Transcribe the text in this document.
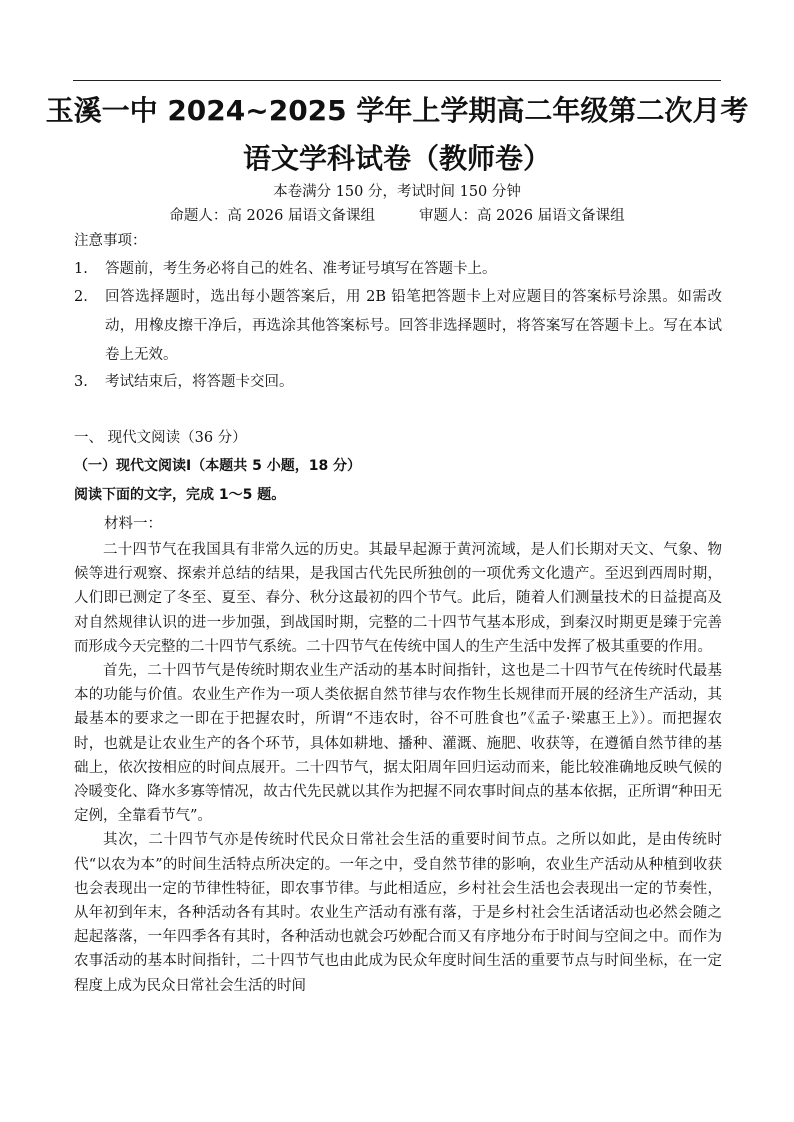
玉溪一中 2024~2025 学年上学期高二年级第二次月考
语文学科试卷（教师卷）
本卷满分 150 分，考试时间 150 分钟
命题人：高 2026 届语文备课组	审题人：高 2026 届语文备课组
注意事项：
1. 答题前，考生务必将自己的姓名、准考证号填写在答题卡上。
2. 回答选择题时，选出每小题答案后，用 2B 铅笔把答题卡上对应题目的答案标号涂黑。如需改动，用橡皮擦干净后，再选涂其他答案标号。回答非选择题时，将答案写在答题卡上。写在本试卷上无效。
3. 考试结束后，将答题卡交回。
一、 现代文阅读（36 分）
（一）现代文阅读Ⅰ（本题共 5 小题，18 分）
阅读下面的文字，完成 1～5 题。
材料一：

二十四节气在我国具有非常久远的历史。其最早起源于黄河流域，是人们长期对天文、气象、物候等进行观察、探索并总结的结果，是我国古代先民所独创的一项优秀文化遗产。至迟到西周时期，人们即已测定了冬至、夏至、春分、秋分这最初的四个节气。此后，随着人们测量技术的日益提高及对自然规律认识的进一步加强，到战国时期，完整的二十四节气基本形成，到秦汉时期更是臻于完善而形成今天完整的二十四节气系统。二十四节气在传统中国人的生产生活中发挥了极其重要的作用。

首先，二十四节气是传统时期农业生产活动的基本时间指针，这也是二十四节气在传统时代最基本的功能与价值。农业生产作为一项人类依据自然节律与农作物生长规律而开展的经济生产活动，其最基本的要求之一即在于把握农时，所谓“不违农时，谷不可胜食也”《孟子·梁惠王上》）。而把握农时，也就是让农业生产的各个环节，具体如耕地、播种、灌溉、施肥、收获等，在遵循自然节律的基础上，依次按相应的时间点展开。二十四节气，据太阳周年回归运动而来，能比较准确地反映气候的冷暖变化、降水多寡等情况，故古代先民就以其作为把握不同农事时间点的基本依据，正所谓“种田无定例，全靠看节气”。

其次，二十四节气亦是传统时代民众日常社会生活的重要时间节点。之所以如此，是由传统时代“以农为本”的时间生活特点所决定的。一年之中，受自然节律的影响，农业生产活动从种植到收获也会表现出一定的节律性特征，即农事节律。与此相适应，乡村社会生活也会表现出一定的节奏性，从年初到年末，各种活动各有其时。农业生产活动有涨有落，于是乡村社会生活诸活动也必然会随之起起落落，一年四季各有其时，各种活动也就会巧妙配合而又有序地分布于时间与空间之中。而作为农事活动的基本时间指针，二十四节气也由此成为民众年度时间生活的重要节点与时间坐标，在一定程度上成为民众日常社会生活的时间
